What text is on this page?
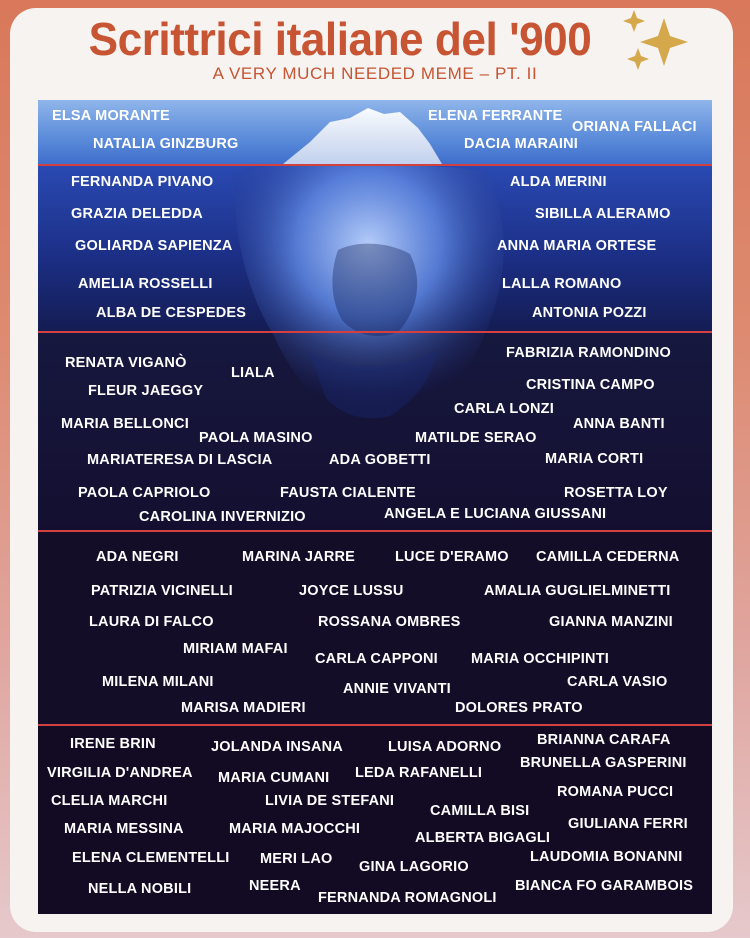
Scrittrici italiane del '900
A VERY MUCH NEEDED MEME – PT. II
ELSA MORANTE
NATALIA GINZBURG
ELENA FERRANTE
ORIANA FALLACI
DACIA MARAINI
FERNANDA PIVANO
GRAZIA DELEDDA
GOLIARDA SAPIENZA
AMELIA ROSSELLI
ALBA DE CESPEDES
ALDA MERINI
SIBILLA ALERAMO
ANNA MARIA ORTESE
LALLA ROMANO
ANTONIA POZZI
RENATA VIGANÒ
LIALA
FLEUR JAEGGY
MARIA BELLONCI
PAOLA MASINO
MARIATERESA DI LASCIA	ADA GOBETTI
PAOLA CAPRIOLO	FAUSTA CIALENTE
CAROLINA INVERNIZIO
FABRIZIA RAMONDINO
CRISTINA CAMPO
CARLA LONZI
ANNA BANTI
MATILDE SERAO
MARIA CORTI
ROSETTA LOY
ANGELA E LUCIANA GIUSSANI
ADA NEGRI	MARINA JARRE	LUCE D'ERAMO CAMILLA CEDERNA
PATRIZIA VICINELLI	JOYCE LUSSU	AMALIA GUGLIELMINETTI
LAURA DI FALCO	ROSSANA OMBRES	GIANNA MANZINI
MIRIAM MAFAI
CARLA CAPPONI MARIA OCCHIPINTI
MILENA MILANI	ANNIE VIVANTI	CARLA VASIO
MARISA MADIERI	DOLORES PRATO
IRENE BRIN	JOLANDA INSANA	LUISA ADORNO BRIANNA CARAFA
VIRGILIA D'ANDREA MARIA CUMANI LEDA RAFANELLI
BRUNELLA GASPERINI
CLELIA MARCHI	LIVIA DE STEFANI
CAMILLA BISI
ROMANA PUCCI
MARIA MESSINA	MARIA MAJOCCHI
ALBERTA BIGAGLI
GIULIANA FERRI
ELENA CLEMENTELLI MERI LAO GINA LAGORIO
LAUDOMIA BONANNI
NELLA NOBILI	NEERA
FERNANDA ROMAGNOLI
BIANCA FO GARAMBOIS
